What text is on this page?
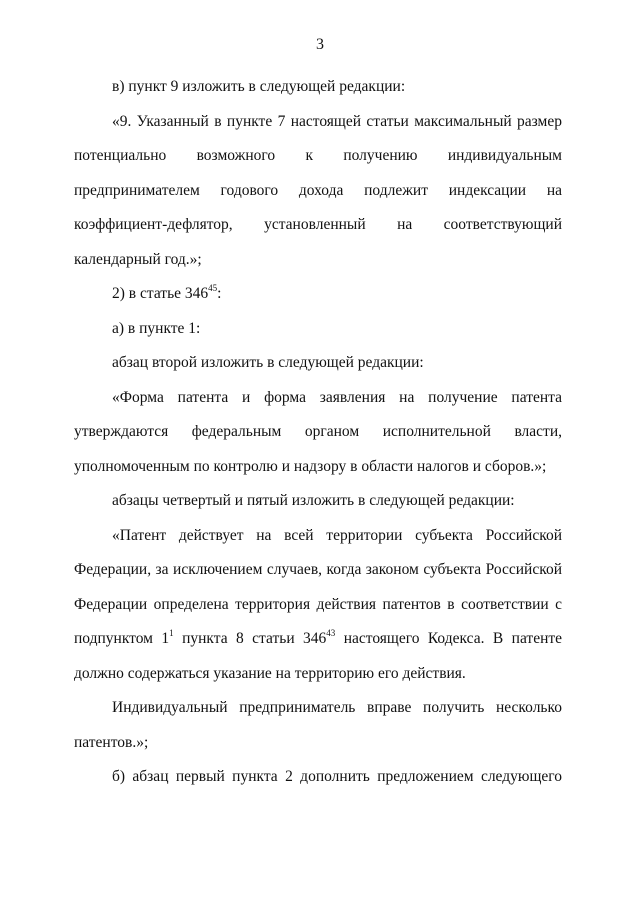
3

в) пункт 9 изложить в следующей редакции:

«9. Указанный в пункте 7 настоящей статьи максимальный размер потенциально возможного к получению индивидуальным предпринимателем годового дохода подлежит индексации на коэффициент-дефлятор, установленный на соответствующий календарный год.»;

2) в статье $346^{45}$:

а) в пункте 1:

абзац второй изложить в следующей редакции:

«Форма патента и форма заявления на получение патента утверждаются федеральным органом исполнительной власти, уполномоченным по контролю и надзору в области налогов и сборов.»;

абзацы четвертый и пятый изложить в следующей редакции:

«Патент действует на всей территории субъекта Российской Федерации, за исключением случаев, когда законом субъекта Российской Федерации определена территория действия патентов в соответствии с подпунктом $1^1$ пункта 8 статьи $346^{43}$ настоящего Кодекса. В патенте должно содержаться указание на территорию его действия.

Индивидуальный предприниматель вправе получить несколько патентов.»;

б) абзац первый пункта 2 дополнить предложением следующего
